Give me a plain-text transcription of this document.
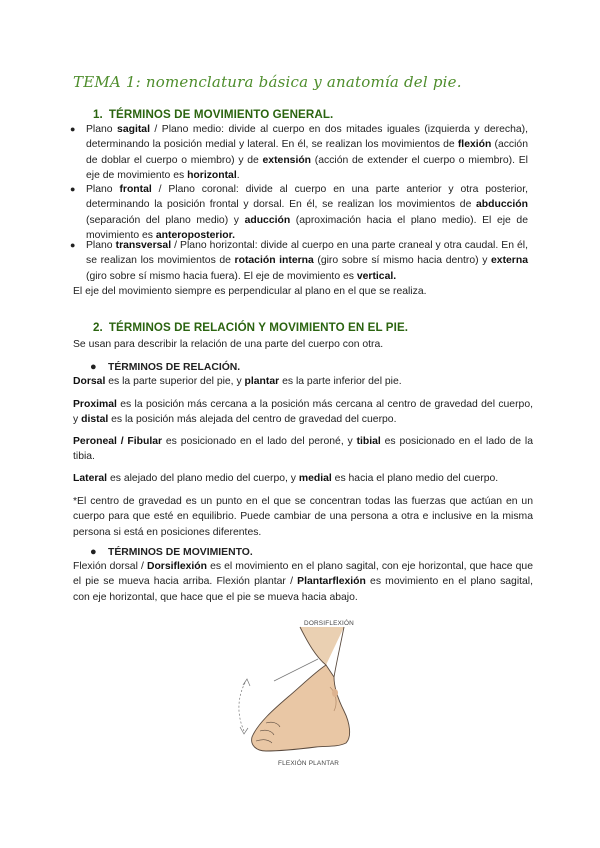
TEMA 1: nomenclatura básica y anatomía del pie.
1. TÉRMINOS DE MOVIMIENTO GENERAL.

● Plano sagital / Plano medio: divide al cuerpo en dos mitades iguales (izquierda y derecha), determinando la posición medial y lateral. En él, se realizan los movimientos de flexión (acción de doblar el cuerpo o miembro) y de extensión (acción de extender el cuerpo o miembro). El eje de movimiento es horizontal.

● Plano frontal / Plano coronal: divide al cuerpo en una parte anterior y otra posterior, determinando la posición frontal y dorsal. En él, se realizan los movimientos de abducción (separación del plano medio) y aducción (aproximación hacia el plano medio). El eje de movimiento es anteroposterior.

● Plano transversal / Plano horizontal: divide al cuerpo en una parte craneal y otra caudal. En él, se realizan los movimientos de rotación interna (giro sobre sí mismo hacia dentro) y externa (giro sobre sí mismo hacia fuera). El eje de movimiento es vertical.

El eje del movimiento siempre es perpendicular al plano en el que se realiza.

2. TÉRMINOS DE RELACIÓN Y MOVIMIENTO EN EL PIE.

Se usan para describir la relación de una parte del cuerpo con otra.

● TÉRMINOS DE RELACIÓN.

Dorsal es la parte superior del pie, y plantar es la parte inferior del pie.

Proximal es la posición más cercana a la posición más cercana al centro de gravedad del cuerpo, y distal es la posición más alejada del centro de gravedad del cuerpo.

Peroneal / Fibular es posicionado en el lado del peroné, y tibial es posicionado en el lado de la tibia.

Lateral es alejado del plano medio del cuerpo, y medial es hacia el plano medio del cuerpo.

*El centro de gravedad es un punto en el que se concentran todas las fuerzas que actúan en un cuerpo para que esté en equilibrio. Puede cambiar de una persona a otra e inclusive en la misma persona si está en posiciones diferentes.

● TÉRMINOS DE MOVIMIENTO.

Flexión dorsal / Dorsiflexión es el movimiento en el plano sagital, con eje horizontal, que hace que el pie se mueva hacia arriba. Flexión plantar / Plantarflexión es movimiento en el plano sagital, con eje horizontal, que hace que el pie se mueva hacia abajo.

DORSIFLEXIÓN
FLEXIÓN PLANTAR
